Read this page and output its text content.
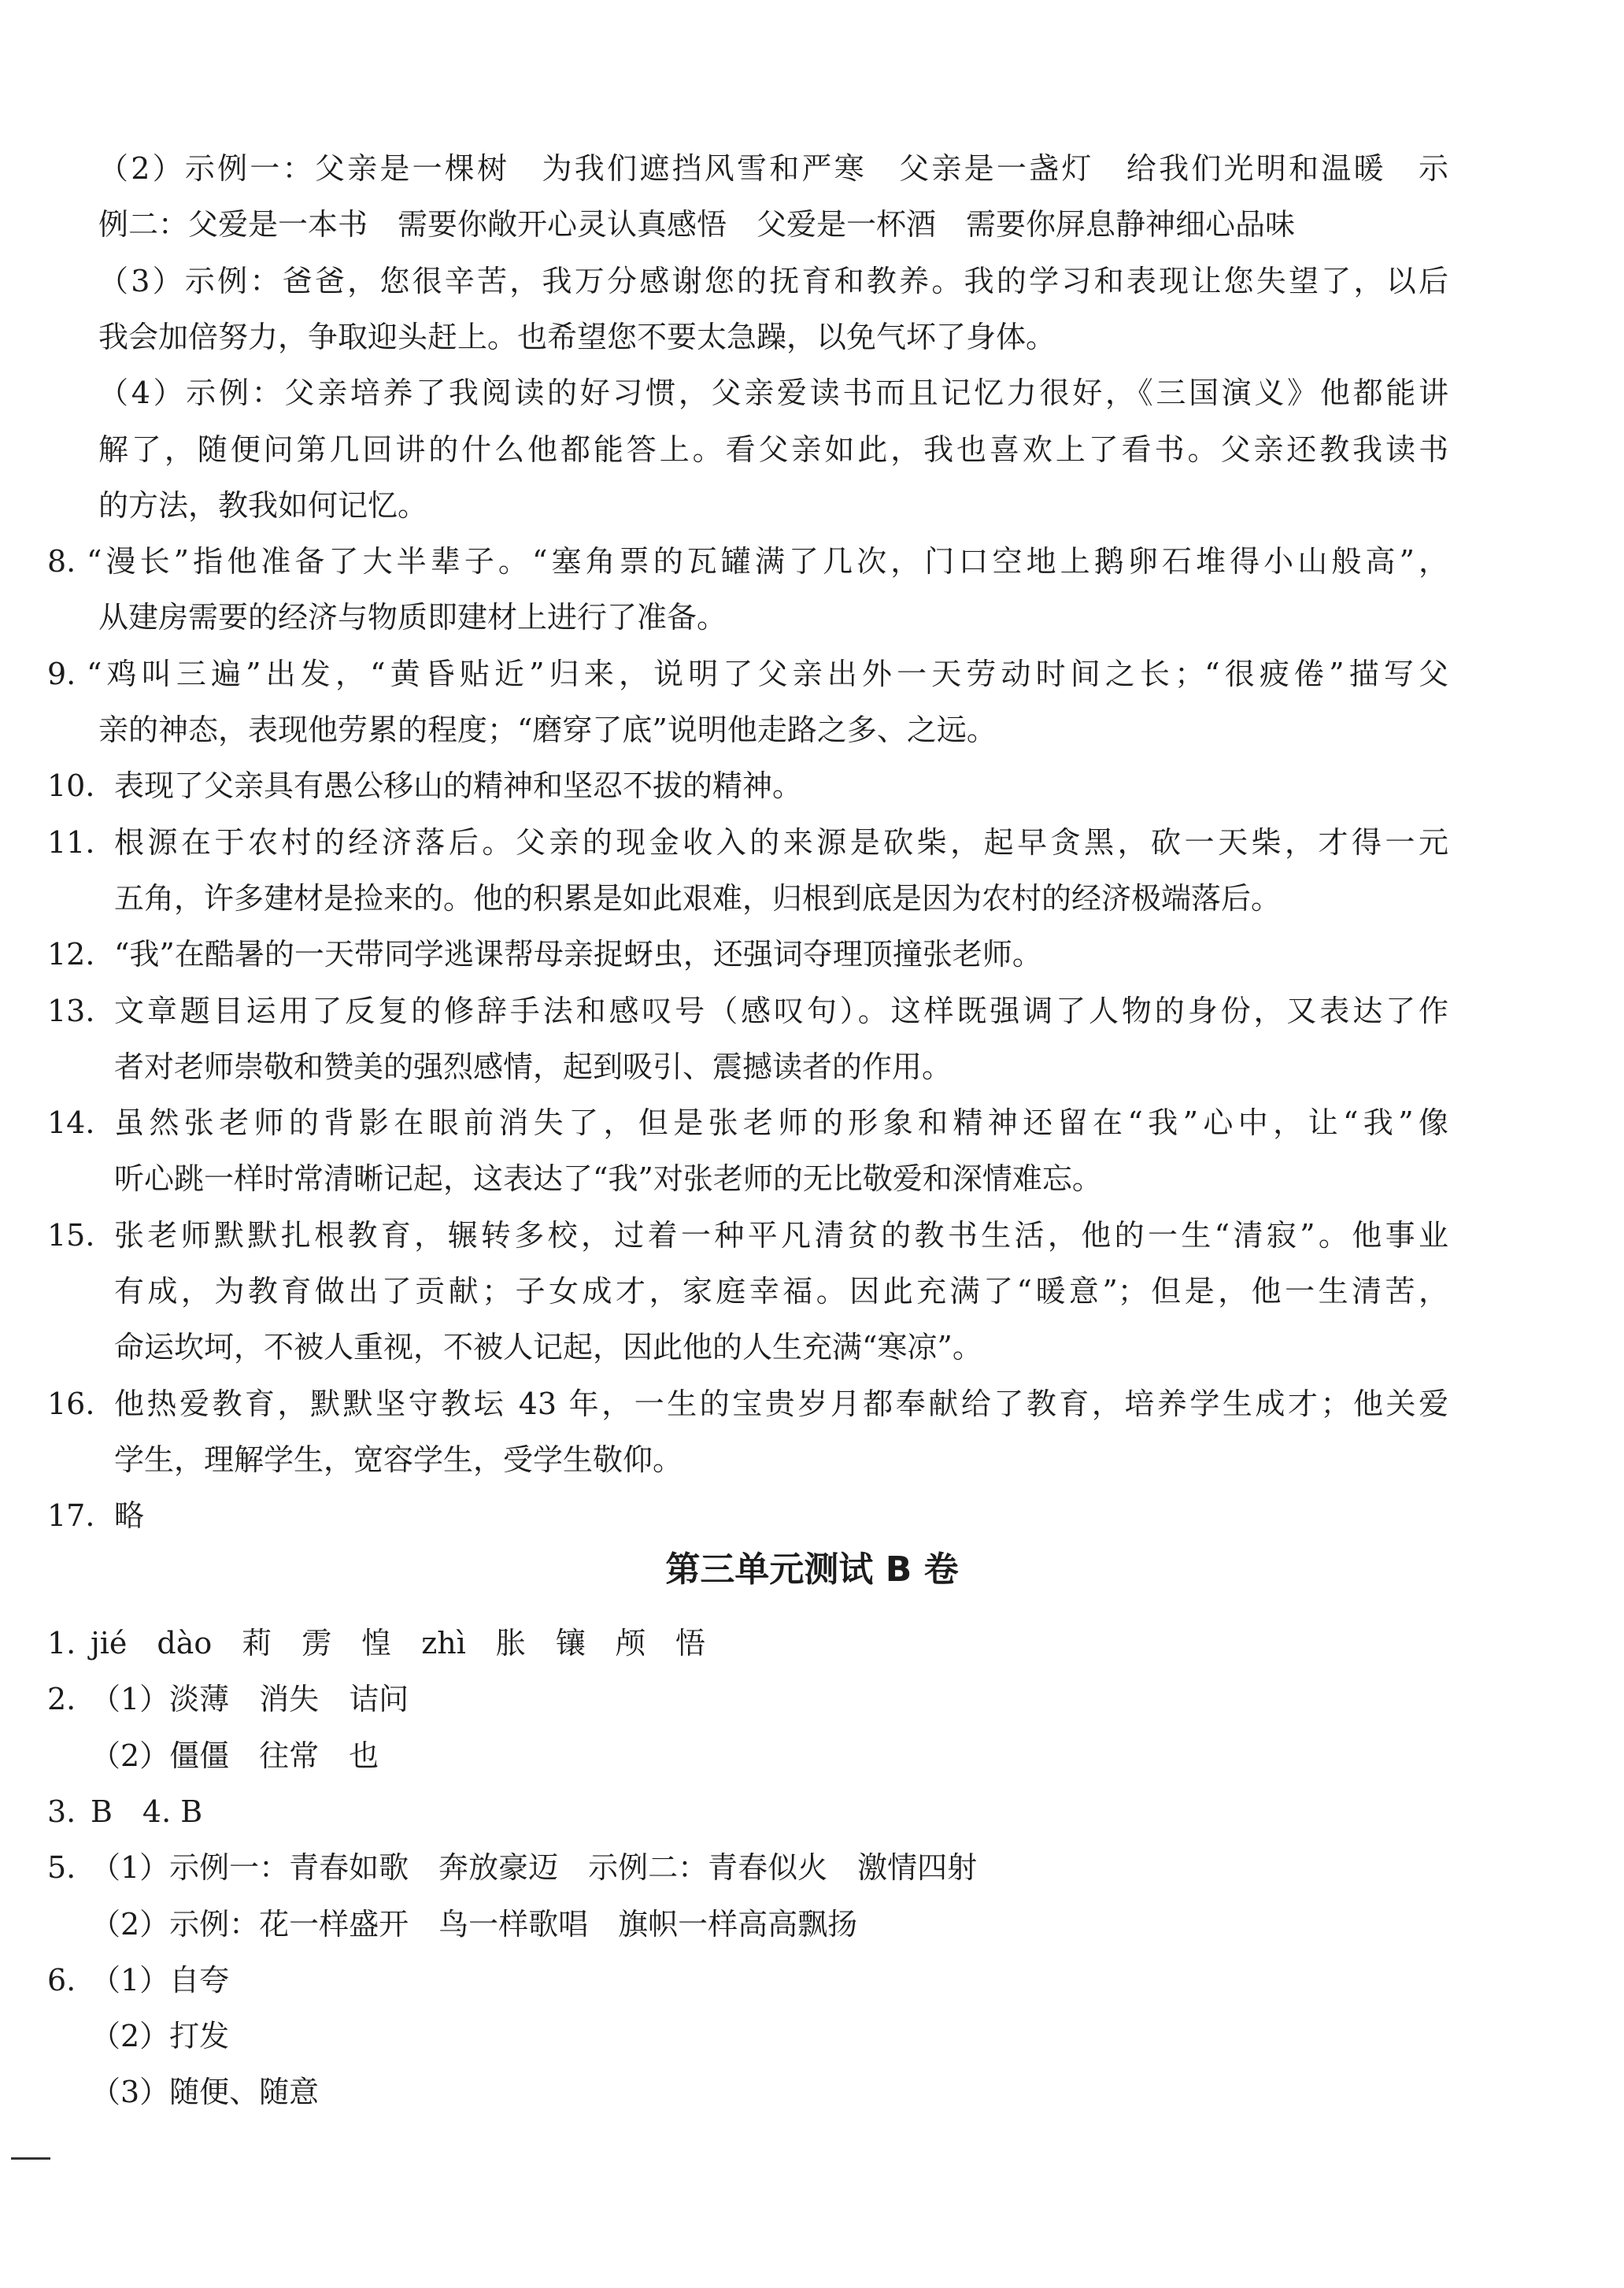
（2）示例一：父亲是一棵树　为我们遮挡风雪和严寒　父亲是一盏灯　给我们光明和温暖　示
例二：父爱是一本书　需要你敞开心灵认真感悟　父爱是一杯酒　需要你屏息静神细心品味
（3）示例：爸爸，您很辛苦，我万分感谢您的抚育和教养。我的学习和表现让您失望了，以后
我会加倍努力，争取迎头赶上。也希望您不要太急躁，以免气坏了身体。
（4）示例：父亲培养了我阅读的好习惯，父亲爱读书而且记忆力很好，《三国演义》他都能讲
解了，随便问第几回讲的什么他都能答上。看父亲如此，我也喜欢上了看书。父亲还教我读书
的方法，教我如何记忆。
8. “漫长”指他准备了大半辈子。“塞角票的瓦罐满了几次，门口空地上鹅卵石堆得小山般高”，
从建房需要的经济与物质即建材上进行了准备。
9. “鸡叫三遍”出发，“黄昏贴近”归来，说明了父亲出外一天劳动时间之长；“很疲倦”描写父
亲的神态，表现他劳累的程度；“磨穿了底”说明他走路之多、之远。
10. 表现了父亲具有愚公移山的精神和坚忍不拔的精神。
11. 根源在于农村的经济落后。父亲的现金收入的来源是砍柴，起早贪黑，砍一天柴，才得一元
五角，许多建材是捡来的。他的积累是如此艰难，归根到底是因为农村的经济极端落后。
12. “我”在酷暑的一天带同学逃课帮母亲捉蚜虫，还强词夺理顶撞张老师。
13. 文章题目运用了反复的修辞手法和感叹号（感叹句）。这样既强调了人物的身份，又表达了作
者对老师崇敬和赞美的强烈感情，起到吸引、震撼读者的作用。
14. 虽然张老师的背影在眼前消失了，但是张老师的形象和精神还留在“我”心中，让“我”像
听心跳一样时常清晰记起，这表达了“我”对张老师的无比敬爱和深情难忘。
15. 张老师默默扎根教育，辗转多校，过着一种平凡清贫的教书生活，他的一生“清寂”。他事业
有成，为教育做出了贡献；子女成才，家庭幸福。因此充满了“暖意”；但是，他一生清苦，
命运坎坷，不被人重视，不被人记起，因此他的人生充满“寒凉”。
16. 他热爱教育，默默坚守教坛 43 年，一生的宝贵岁月都奉献给了教育，培养学生成才；他关爱
学生，理解学生，宽容学生，受学生敬仰。
17. 略
第三单元测试 B 卷
1. jié　dào　莉　雳　惶　zhì　胀　镶　颅　悟
2. （1）淡薄　消失　诘问
（2）僵僵　往常　也
3. B　4. B
5. （1）示例一：青春如歌　奔放豪迈　示例二：青春似火　激情四射
（2）示例：花一样盛开　鸟一样歌唱　旗帜一样高高飘扬
6. （1）自夸
（2）打发
（3）随便、随意
